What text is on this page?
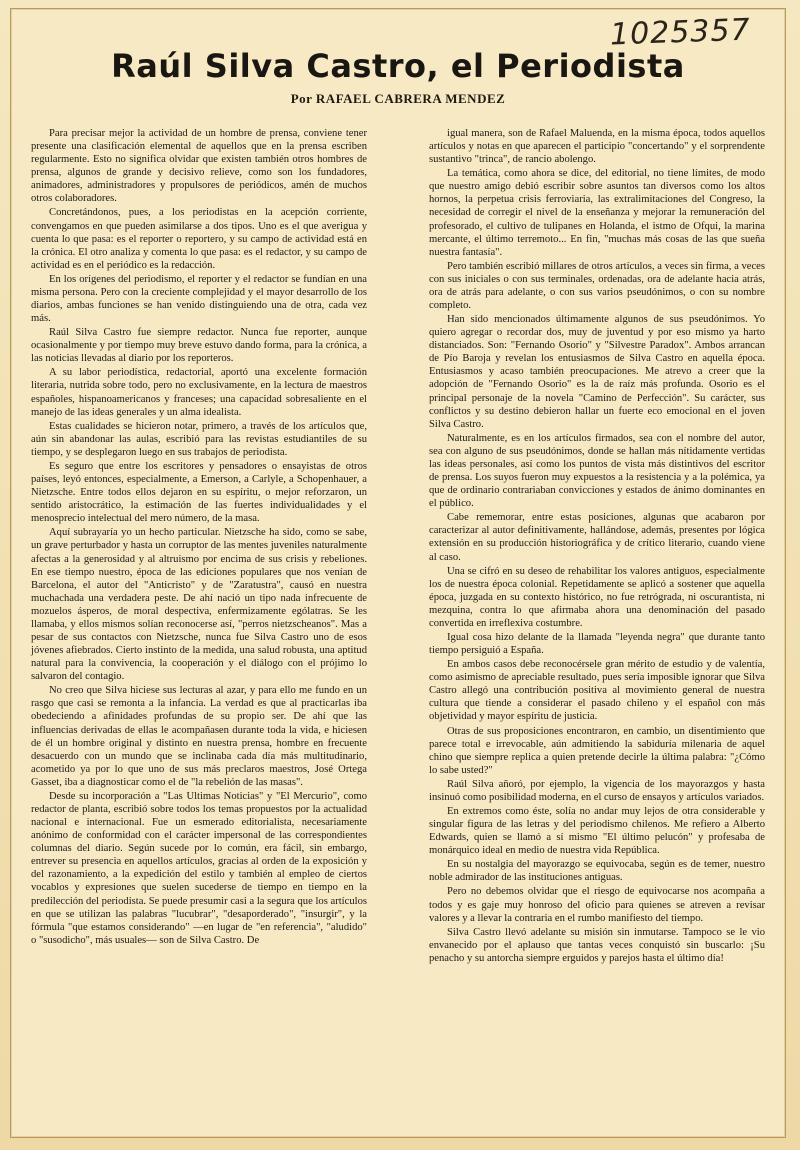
1025357
Raúl Silva Castro, el Periodista
Por RAFAEL CABRERA MENDEZ

Para precisar mejor la actividad de un hombre de prensa, conviene tener presente una clasificación elemental de aquellos que en la prensa escriben regularmente. Esto no significa olvidar que existen también otros hombres de prensa, algunos de grande y decisivo relieve, como son los fundadores, animadores, administradores y propulsores de periódicos, amén de muchos otros colaboradores.

Concretándonos, pues, a los periodistas en la acepción corriente, convengamos en que pueden asimilarse a dos tipos. Uno es el que averigua y cuenta lo que pasa: es el reporter o reportero, y su campo de actividad está en la crónica. El otro analiza y comenta lo que pasa: es el redactor, y su campo de actividad es en el periódico es la redacción.

En los orígenes del periodismo, el reporter y el redactor se fundían en una misma persona. Pero con la creciente complejidad y el mayor desarrollo de los diarios, ambas funciones se han venido distinguiendo una de otra, cada vez más.

Raúl Silva Castro fue siempre redactor. Nunca fue reporter, aunque ocasionalmente y por tiempo muy breve estuvo dando forma, para la crónica, a las noticias llevadas al diario por los reporteros.

A su labor periodística, redactorial, aportó una excelente formación literaria, nutrida sobre todo, pero no exclusivamente, en la lectura de maestros españoles, hispanoamericanos y franceses; una capacidad sobresaliente en el manejo de las ideas generales y un alma idealista.

Estas cualidades se hicieron notar, primero, a través de los artículos que, aún sin abandonar las aulas, escribió para las revistas estudiantiles de su tiempo, y se desplegaron luego en sus trabajos de periodista.

Es seguro que entre los escritores y pensadores o ensayistas de otros países, leyó entonces, especialmente, a Emerson, a Carlyle, a Schopenhauer, a Nietzsche. Entre todos ellos dejaron en su espíritu, o mejor reforzaron, un sentido aristocrático, la estimación de las fuertes individualidades y el menosprecio intelectual del mero número, de la masa.

Aquí subrayaría yo un hecho particular. Nietzsche ha sido, como se sabe, un grave perturbador y hasta un corruptor de las mentes juveniles naturalmente afectas a la generosidad y al altruismo por encima de sus crisis y rebeliones. En ese tiempo nuestro, época de las ediciones populares que nos venían de Barcelona, el autor del "Anticristo" y de "Zaratustra", causó en nuestra muchachada una verdadera peste. De ahí nació un tipo nada infrecuente de mozuelos ásperos, de moral despectiva, enfermizamente ególatras. Se les llamaba, y ellos mismos solían reconocerse así, "perros nietzscheanos". Mas a pesar de sus contactos con Nietzsche, nunca fue Silva Castro uno de esos jóvenes afiebrados. Cierto instinto de la medida, una salud robusta, una aptitud natural para la convivencia, la cooperación y el diálogo con el prójimo lo salvaron del contagio.

No creo que Silva hiciese sus lecturas al azar, y para ello me fundo en un rasgo que casi se remonta a la infancia. La verdad es que al practicarlas iba obedeciendo a afinidades profundas de su propio ser. De ahí que las influencias derivadas de ellas le acompañasen durante toda la vida, e hiciesen de él un hombre original y distinto en nuestra prensa, hombre en frecuente desacuerdo con un mundo que se inclinaba cada día más multitudinario, acometido ya por lo que uno de sus más preclaros maestros, José Ortega Gasset, iba a diagnosticar como el de "la rebelión de las masas".

Desde su incorporación a "Las Ultimas Noticias" y "El Mercurio", como redactor de planta, escribió sobre todos los temas propuestos por la actualidad nacional e internacional. Fue un esmerado editorialista, necesariamente anónimo de conformidad con el carácter impersonal de las correspondientes columnas del diario. Según sucede por lo común, era fácil, sin embargo, entrever su presencia en aquellos artículos, gracias al orden de la exposición y del razonamiento, a la expedición del estilo y también al empleo de ciertos vocablos y expresiones que suelen sucederse de tiempo en tiempo en la predilección del periodista. Se puede presumir casi a la segura que los artículos en que se utilizan las palabras "lucubrar", "desaporderado", "insurgir", y la fórmula "que estamos considerando" —en lugar de "en referencia", "aludido" o "susodicho", más usuales— son de Silva Castro. De

igual manera, son de Rafael Maluenda, en la misma época, todos aquellos artículos y notas en que aparecen el participio "concertando" y el sorprendente sustantivo "trinca", de rancio abolengo.

La temática, como ahora se dice, del editorial, no tiene límites, de modo que nuestro amigo debió escribir sobre asuntos tan diversos como los altos hornos, la perpetua crisis ferroviaria, las extralimitaciones del Congreso, la necesidad de corregir el nivel de la enseñanza y mejorar la remuneración del profesorado, el cultivo de tulipanes en Holanda, el istmo de Ofqui, la marina mercante, el último terremoto... En fin, "muchas más cosas de las que sueña nuestra fantasía".

Pero también escribió millares de otros artículos, a veces sin firma, a veces con sus iniciales o con sus terminales, ordenadas, ora de adelante hacia atrás, ora de atrás para adelante, o con sus varios pseudónimos, o con su nombre completo.

Han sido mencionados últimamente algunos de sus pseudónimos. Yo quiero agregar o recordar dos, muy de juventud y por eso mismo ya harto distanciados. Son: "Fernando Osorio" y "Silvestre Paradox". Ambos arrancan de Pío Baroja y revelan los entusiasmos de Silva Castro en aquella época. Entusiasmos y acaso también preocupaciones. Me atrevo a creer que la adopción de "Fernando Osorio" es la de raíz más profunda. Osorio es el principal personaje de la novela "Camino de Perfección". Su carácter, sus conflictos y su destino debieron hallar un fuerte eco emocional en el joven Silva Castro.

Naturalmente, es en los artículos firmados, sea con el nombre del autor, sea con alguno de sus pseudónimos, donde se hallan más nítidamente vertidas las ideas personales, así como los puntos de vista más distintivos del escritor de prensa. Los suyos fueron muy expuestos a la resistencia y a la polémica, ya que de ordinario contrariaban convicciones y estados de ánimo dominantes en el público.

Cabe rememorar, entre estas posiciones, algunas que acabaron por caracterizar al autor definitivamente, hallándose, además, presentes por lógica extensión en su producción historiográfica y de crítico literario, cuando viene al caso.

Una se cifró en su deseo de rehabilitar los valores antiguos, especialmente los de nuestra época colonial. Repetidamente se aplicó a sostener que aquella época, juzgada en su contexto histórico, no fue retrógrada, ni oscurantista, ni mezquina, contra lo que afirmaba ahora una denominación del pasado convertida en irreflexiva costumbre.

Igual cosa hizo delante de la llamada "leyenda negra" que durante tanto tiempo persiguió a España.

En ambos casos debe reconocérsele gran mérito de estudio y de valentía, como asimismo de apreciable resultado, pues sería imposible ignorar que Silva Castro allegó una contribución positiva al movimiento general de nuestra cultura que tiende a considerar el pasado chileno y el español con más objetividad y mayor espíritu de justicia.

Otras de sus proposiciones encontraron, en cambio, un disentimiento que parece total e irrevocable, aún admitiendo la sabiduría milenaria de aquel chino que siempre replica a quien pretende decirle la última palabra: "¿Cómo lo sabe usted?"

Raúl Silva añoró, por ejemplo, la vigencia de los mayorazgos y hasta insinuó como posibilidad moderna, en el curso de ensayos y artículos variados.

En extremos como éste, solía no andar muy lejos de otra considerable y singular figura de las letras y del periodismo chilenos. Me refiero a Alberto Edwards, quien se llamó a sí mismo "El último pelucón" y profesaba de monárquico ideal en medio de nuestra vida República.

En su nostalgia del mayorazgo se equivocaba, según es de temer, nuestro noble admirador de las instituciones antiguas.

Pero no debemos olvidar que el riesgo de equivocarse nos acompaña a todos y es gaje muy honroso del oficio para quienes se atreven a revisar valores y a llevar la contraria en el rumbo manifiesto del tiempo.

Silva Castro llevó adelante su misión sin inmutarse. Tampoco se le vio envanecido por el aplauso que tantas veces conquistó sin buscarlo: ¡Su penacho y su antorcha siempre erguidos y parejos hasta el último día!
